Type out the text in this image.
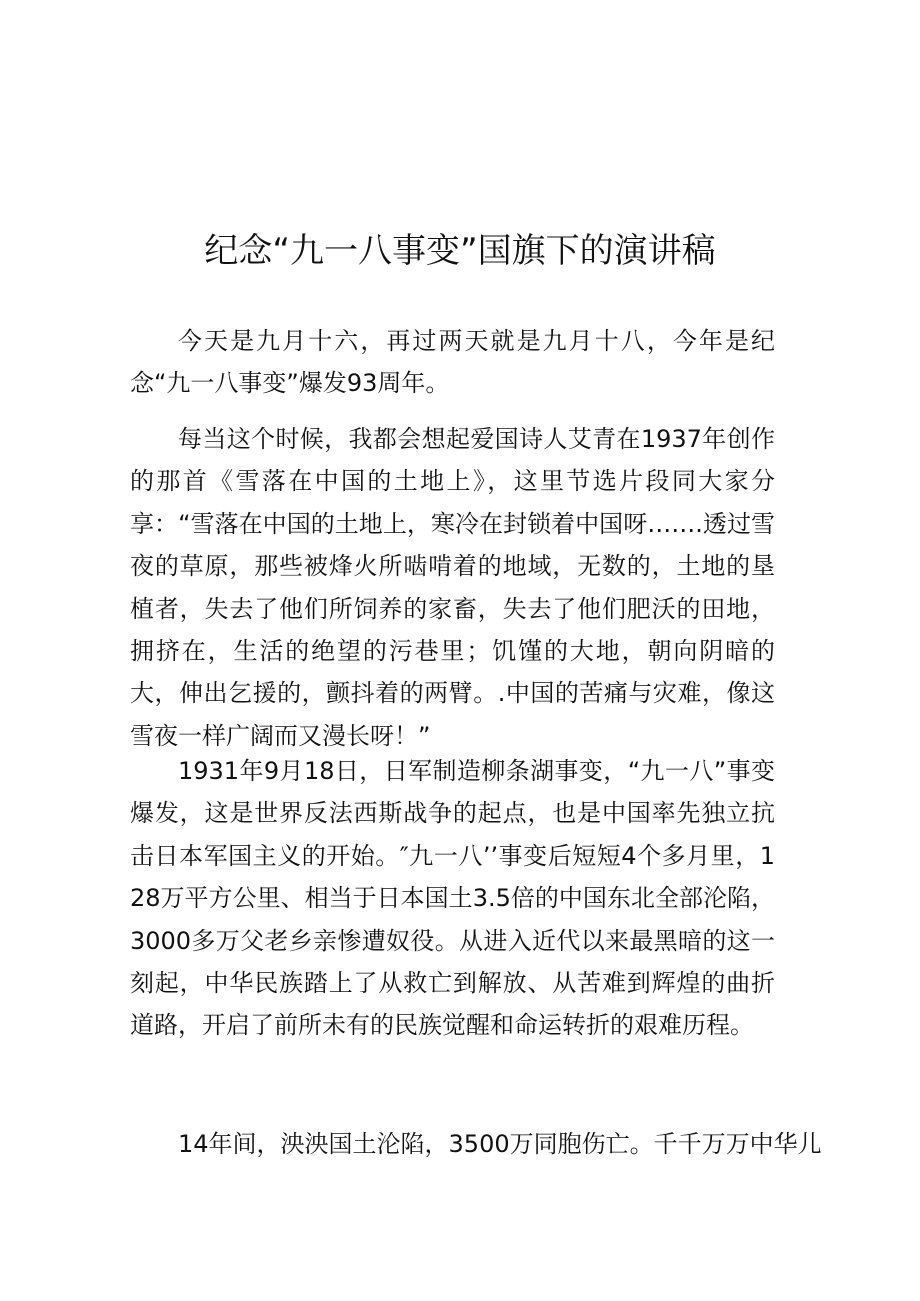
纪念“九一八事变”国旗下的演讲稿

今天是九月十六，再过两天就是九月十八，今年是纪念“九一八事变”爆发93周年。

每当这个时候，我都会想起爱国诗人艾青在1937年创作的那首《雪落在中国的土地上》，这里节选片段同大家分享：“雪落在中国的土地上，寒冷在封锁着中国呀…….透过雪夜的草原，那些被烽火所啮啃着的地域，无数的，土地的垦植者，失去了他们所饲养的家畜，失去了他们肥沃的田地，拥挤在，生活的绝望的污巷里；饥馑的大地，朝向阴暗的大，伸出乞援的，颤抖着的两臂。.中国的苦痛与灾难，像这雪夜一样广阔而又漫长呀！”

1931年9月18日，日军制造柳条湖事变，“九一八”事变爆发，这是世界反法西斯战争的起点，也是中国率先独立抗击日本军国主义的开始。″九一八’’事变后短短4个多月里，128万平方公里、相当于日本国土3.5倍的中国东北全部沦陷，3000多万父老乡亲惨遭奴役。从进入近代以来最黑暗的这一刻起，中华民族踏上了从救亡到解放、从苦难到辉煌的曲折道路，开启了前所未有的民族觉醒和命运转折的艰难历程。

14年间，泱泱国土沦陷，3500万同胞伤亡。千千万万中华儿
